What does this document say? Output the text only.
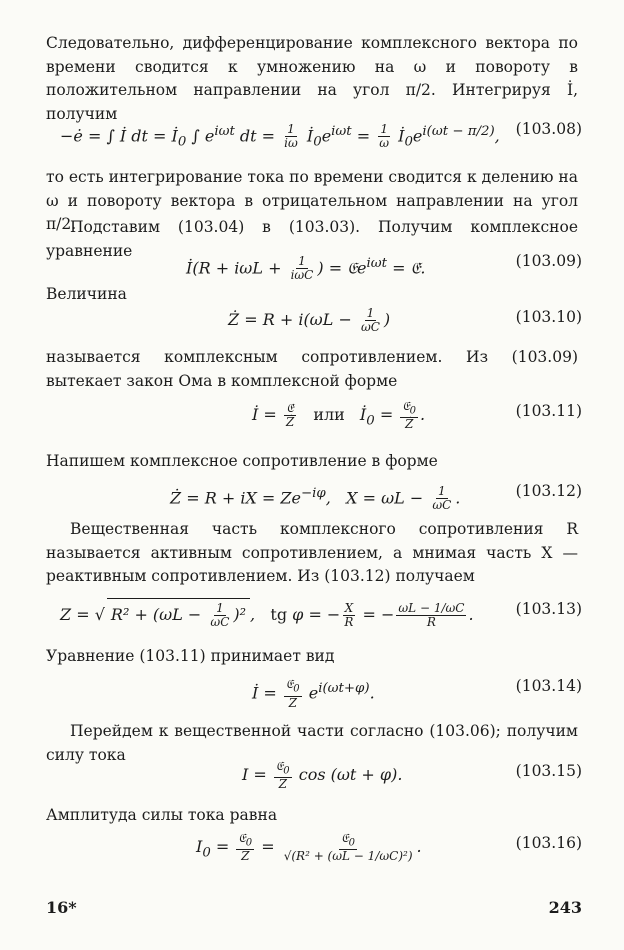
Следовательно, дифференцирование комплексного вектора по времени сводится к умножению на ω и повороту в положительном направлении на угол π/2. Интегрируя İ, получим
−ė = ∫ İ dt = $İ_0$ ∫ $e^{i\omega t}$ dt = $\frac{1}{i\omega}$ $İ_0e^{i\omega t} = \frac{1}{\omega}$ $İ_0e^{i(\omega t - \pi/2)}$, (103.08)
то есть интегрирование тока по времени сводится к делению на ω и повороту вектора в отрицательном направлении на угол π/2.
Подставим (103.04) в (103.03). Получим комплексное уравнение
İ(R + $i\omega L + \frac{1}{\text{iωC}}$ ) = 𝔈e$^{i\omega t}$ = 𝔈̇.	(103.09)
Величина
Ż = $R + i(\omega L - \frac{1}{\omega C}$ )	(103.10)
называется комплексным сопротивлением. Из (103.09) вытекает закон Ома в комплексной форме
İ = $\frac{\text{𝔈̇}}{Ż}$ или $İ_0 = \frac{𝔈_0}{Ż}$ .	(103.11)
Напишем комплексное сопротивление в форме
Ż = R + iX = $Ze^{-i\varphi}$,   $X = \omega L - \frac{1}{\omega C}$ .	(103.12)
Вещественная часть комплексного сопротивления R называется активным сопротивлением, а мнимая часть X — реактивным сопротивлением. Из (103.12) получаем
Z = √ $R^2 + (\omega L - \frac{1}{\omega C} )^2$ ,   tg φ = − $\frac{X}{R}$ = − $\frac{\omega L - 1/\omega C}{R}$ .	(103.13)
Уравнение (103.11) принимает вид
İ = $\frac{𝔈_0}{Z} e^{i(\omega t+\varphi)}$.	(103.14)
Перейдем к вещественной части согласно (103.06); получим силу тока
$I = \frac{𝔈_0}{Z}$ cos (ωt + φ).	(103.15)
Амплитуда силы тока равна
$I_0 = \frac{𝔈_0}{Z} = \frac{𝔈_0}{\text{√(R² + (ωL − 1/ωC)²)}}$ .	(103.16)
16*	243
